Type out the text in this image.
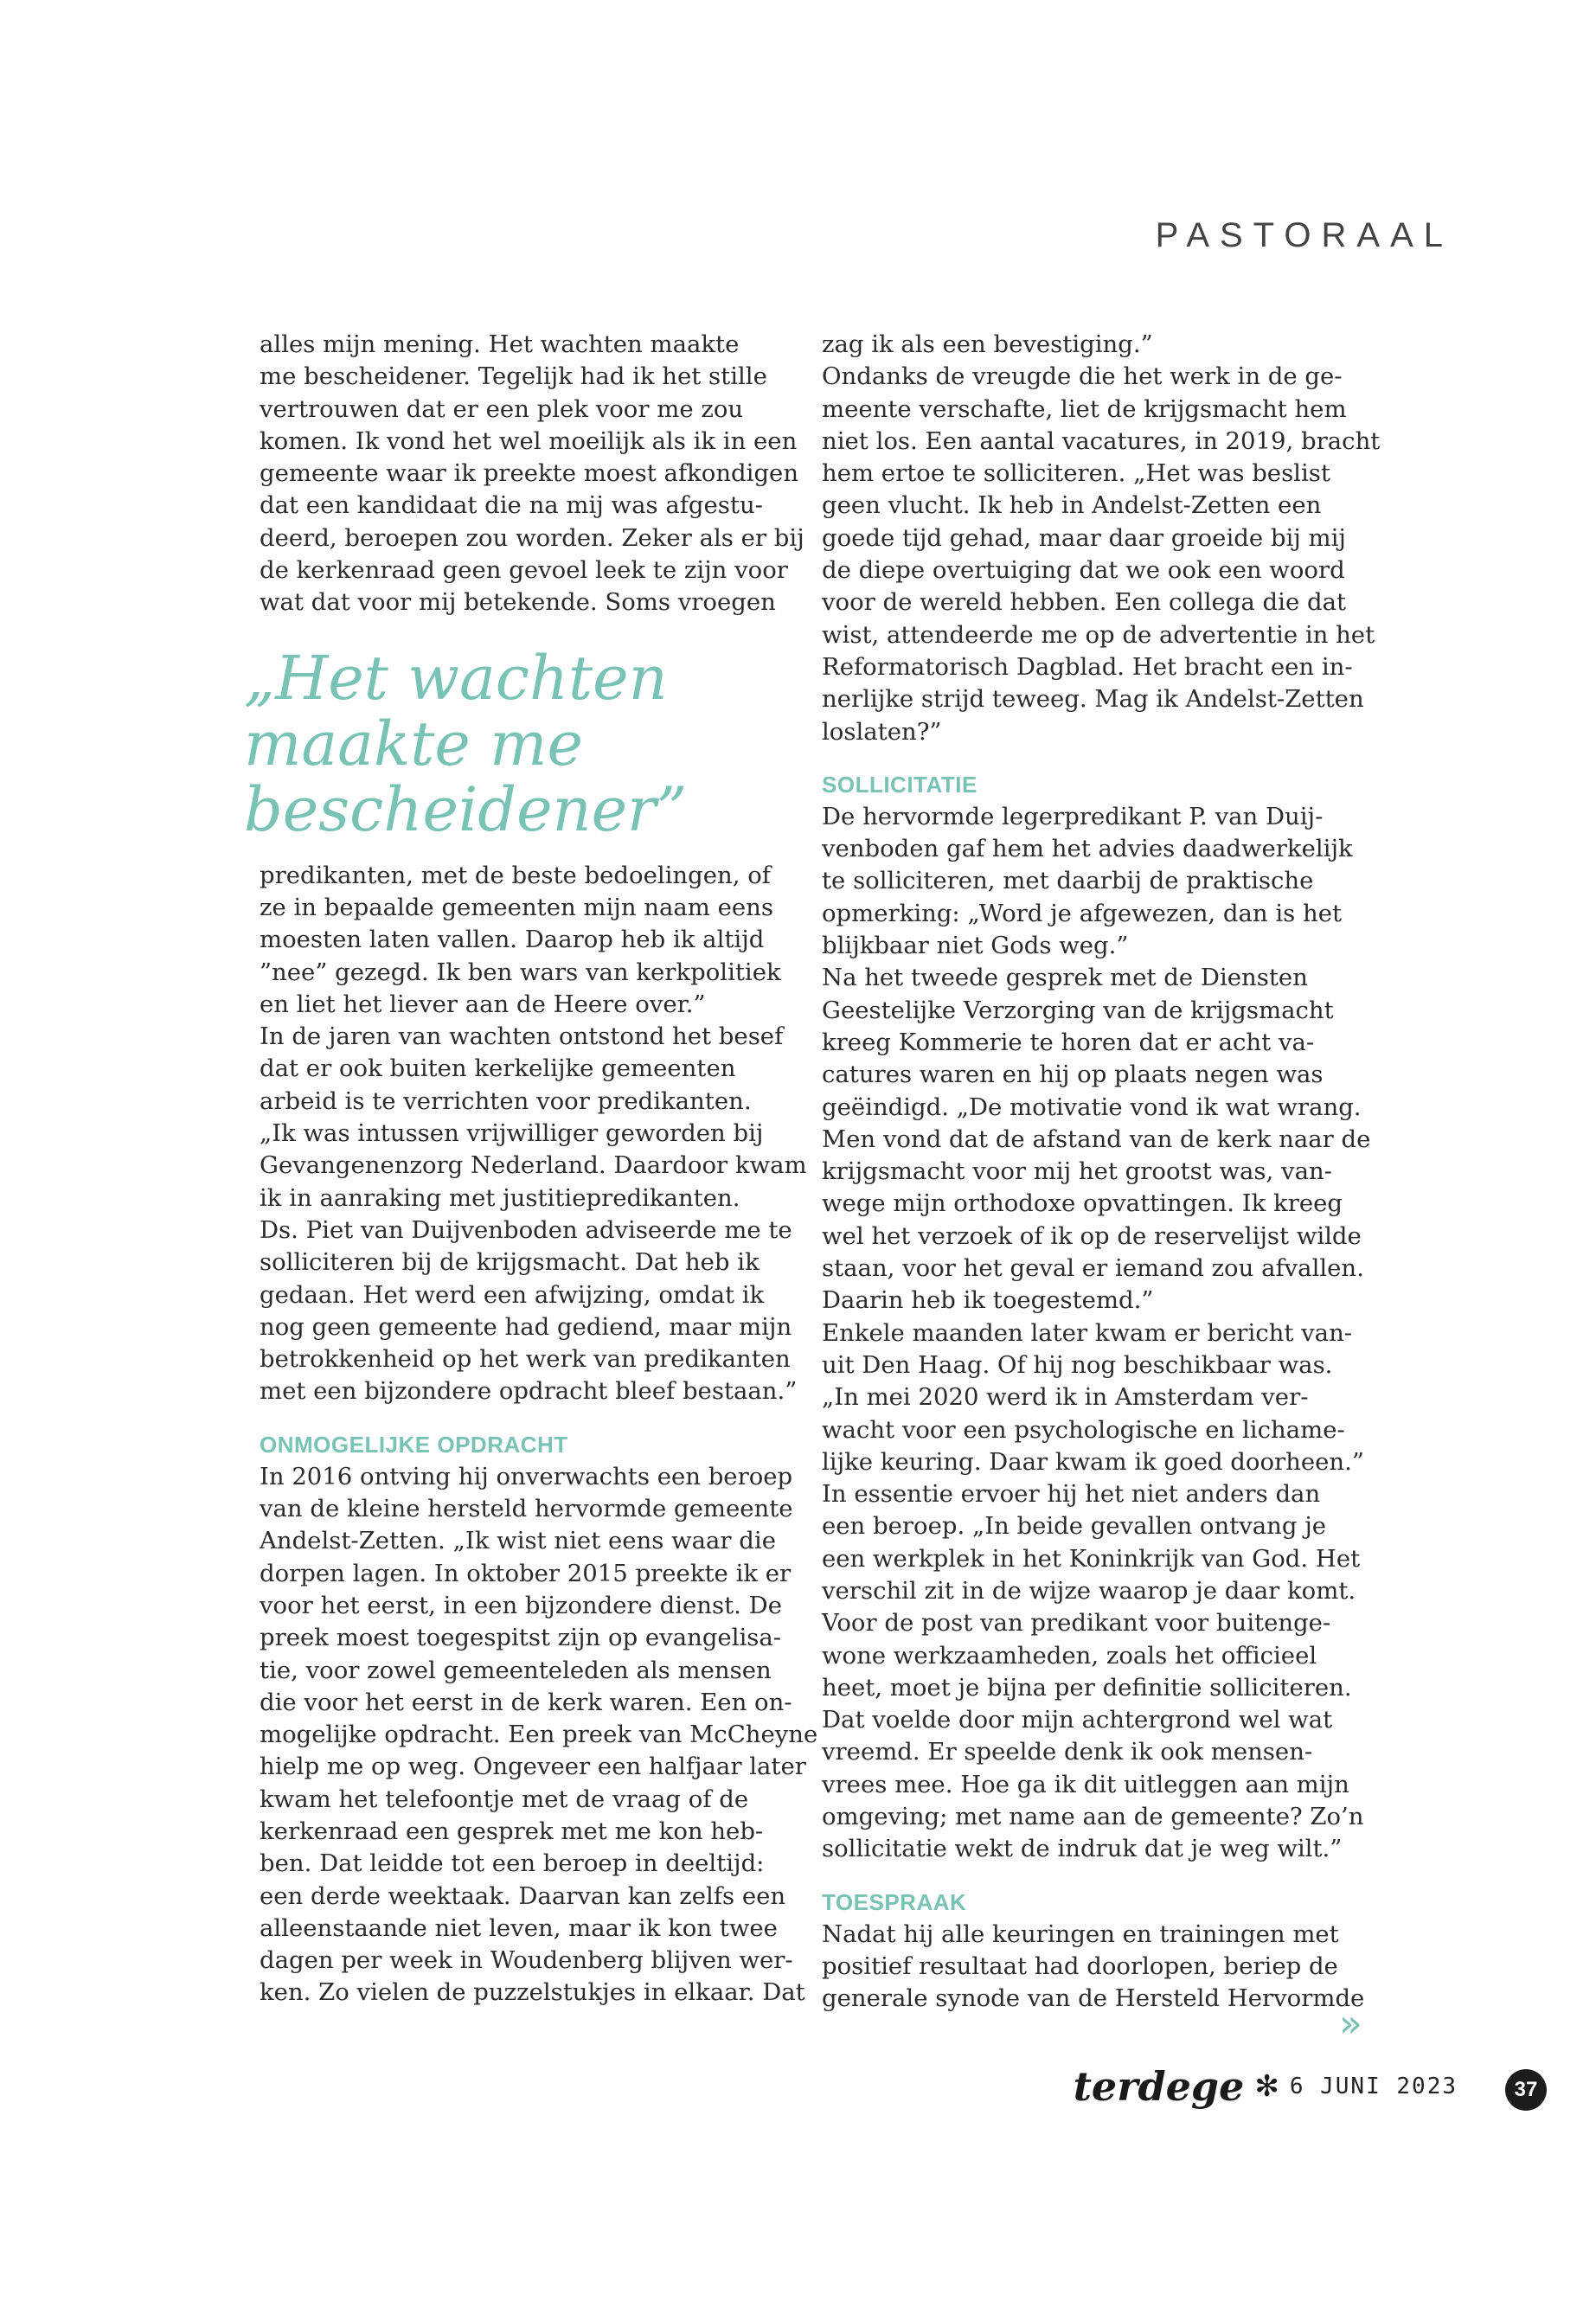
PASTORAAL

alles mijn mening. Het wachten maakte

me bescheidener. Tegelijk had ik het stille

vertrouwen dat er een plek voor me zou

komen. Ik vond het wel moeilijk als ik in een

gemeente waar ik preekte moest afkondigen

dat een kandidaat die na mij was afgestu-

deerd, beroepen zou worden. Zeker als er bij

de kerkenraad geen gevoel leek te zijn voor

wat dat voor mij betekende. Soms vroegen

„Het wachten
maakte me
bescheidener”

predikanten, met de beste bedoelingen, of

ze in bepaalde gemeenten mijn naam eens

moesten laten vallen. Daarop heb ik altijd

”nee” gezegd. Ik ben wars van kerkpolitiek

en liet het liever aan de Heere over.”

In de jaren van wachten ontstond het besef

dat er ook buiten kerkelijke gemeenten

arbeid is te verrichten voor predikanten.

„Ik was intussen vrijwilliger geworden bij

Gevangenenzorg Nederland. Daardoor kwam

ik in aanraking met justitiepredikanten.

Ds. Piet van Duijvenboden adviseerde me te

solliciteren bij de krijgsmacht. Dat heb ik

gedaan. Het werd een afwijzing, omdat ik

nog geen gemeente had gediend, maar mijn

betrokkenheid op het werk van predikanten

met een bijzondere opdracht bleef bestaan.”

ONMOGELIJKE OPDRACHT

In 2016 ontving hij onverwachts een beroep

van de kleine hersteld hervormde gemeente

Andelst-Zetten. „Ik wist niet eens waar die

dorpen lagen. In oktober 2015 preekte ik er

voor het eerst, in een bijzondere dienst. De

preek moest toegespitst zijn op evangelisa-

tie, voor zowel gemeenteleden als mensen

die voor het eerst in de kerk waren. Een on-

mogelijke opdracht. Een preek van McCheyne

hielp me op weg. Ongeveer een halfjaar later

kwam het telefoontje met de vraag of de

kerkenraad een gesprek met me kon heb-

ben. Dat leidde tot een beroep in deeltijd:

een derde weektaak. Daarvan kan zelfs een

alleenstaande niet leven, maar ik kon twee

dagen per week in Woudenberg blijven wer-

ken. Zo vielen de puzzelstukjes in elkaar. Dat

zag ik als een bevestiging.”

Ondanks de vreugde die het werk in de ge-

meente verschafte, liet de krijgsmacht hem

niet los. Een aantal vacatures, in 2019, bracht

hem ertoe te solliciteren. „Het was beslist

geen vlucht. Ik heb in Andelst-Zetten een

goede tijd gehad, maar daar groeide bij mij

de diepe overtuiging dat we ook een woord

voor de wereld hebben. Een collega die dat

wist, attendeerde me op de advertentie in het

Reformatorisch Dagblad. Het bracht een in-

nerlijke strijd teweeg. Mag ik Andelst-Zetten

loslaten?”

SOLLICITATIE

De hervormde legerpredikant P. van Duij-

venboden gaf hem het advies daadwerkelijk

te solliciteren, met daarbij de praktische

opmerking: „Word je afgewezen, dan is het

blijkbaar niet Gods weg.”

Na het tweede gesprek met de Diensten

Geestelijke Verzorging van de krijgsmacht

kreeg Kommerie te horen dat er acht va-

catures waren en hij op plaats negen was

geëindigd. „De motivatie vond ik wat wrang.

Men vond dat de afstand van de kerk naar de

krijgsmacht voor mij het grootst was, van-

wege mijn orthodoxe opvattingen. Ik kreeg

wel het verzoek of ik op de reservelijst wilde

staan, voor het geval er iemand zou afvallen.

Daarin heb ik toegestemd.”

Enkele maanden later kwam er bericht van-

uit Den Haag. Of hij nog beschikbaar was.

„In mei 2020 werd ik in Amsterdam ver-

wacht voor een psychologische en lichame-

lijke keuring. Daar kwam ik goed doorheen.”

In essentie ervoer hij het niet anders dan

een beroep. „In beide gevallen ontvang je

een werkplek in het Koninkrijk van God. Het

verschil zit in de wijze waarop je daar komt.

Voor de post van predikant voor buitenge-

wone werkzaamheden, zoals het officieel

heet, moet je bijna per definitie solliciteren.

Dat voelde door mijn achtergrond wel wat

vreemd. Er speelde denk ik ook mensen-

vrees mee. Hoe ga ik dit uitleggen aan mijn

omgeving; met name aan de gemeente? Zo’n

sollicitatie wekt de indruk dat je weg wilt.”

TOESPRAAK

Nadat hij alle keuringen en trainingen met

positief resultaat had doorlopen, beriep de

generale synode van de Hersteld Hervormde

»
terdege ✻ 6 JUNI 2023	37
